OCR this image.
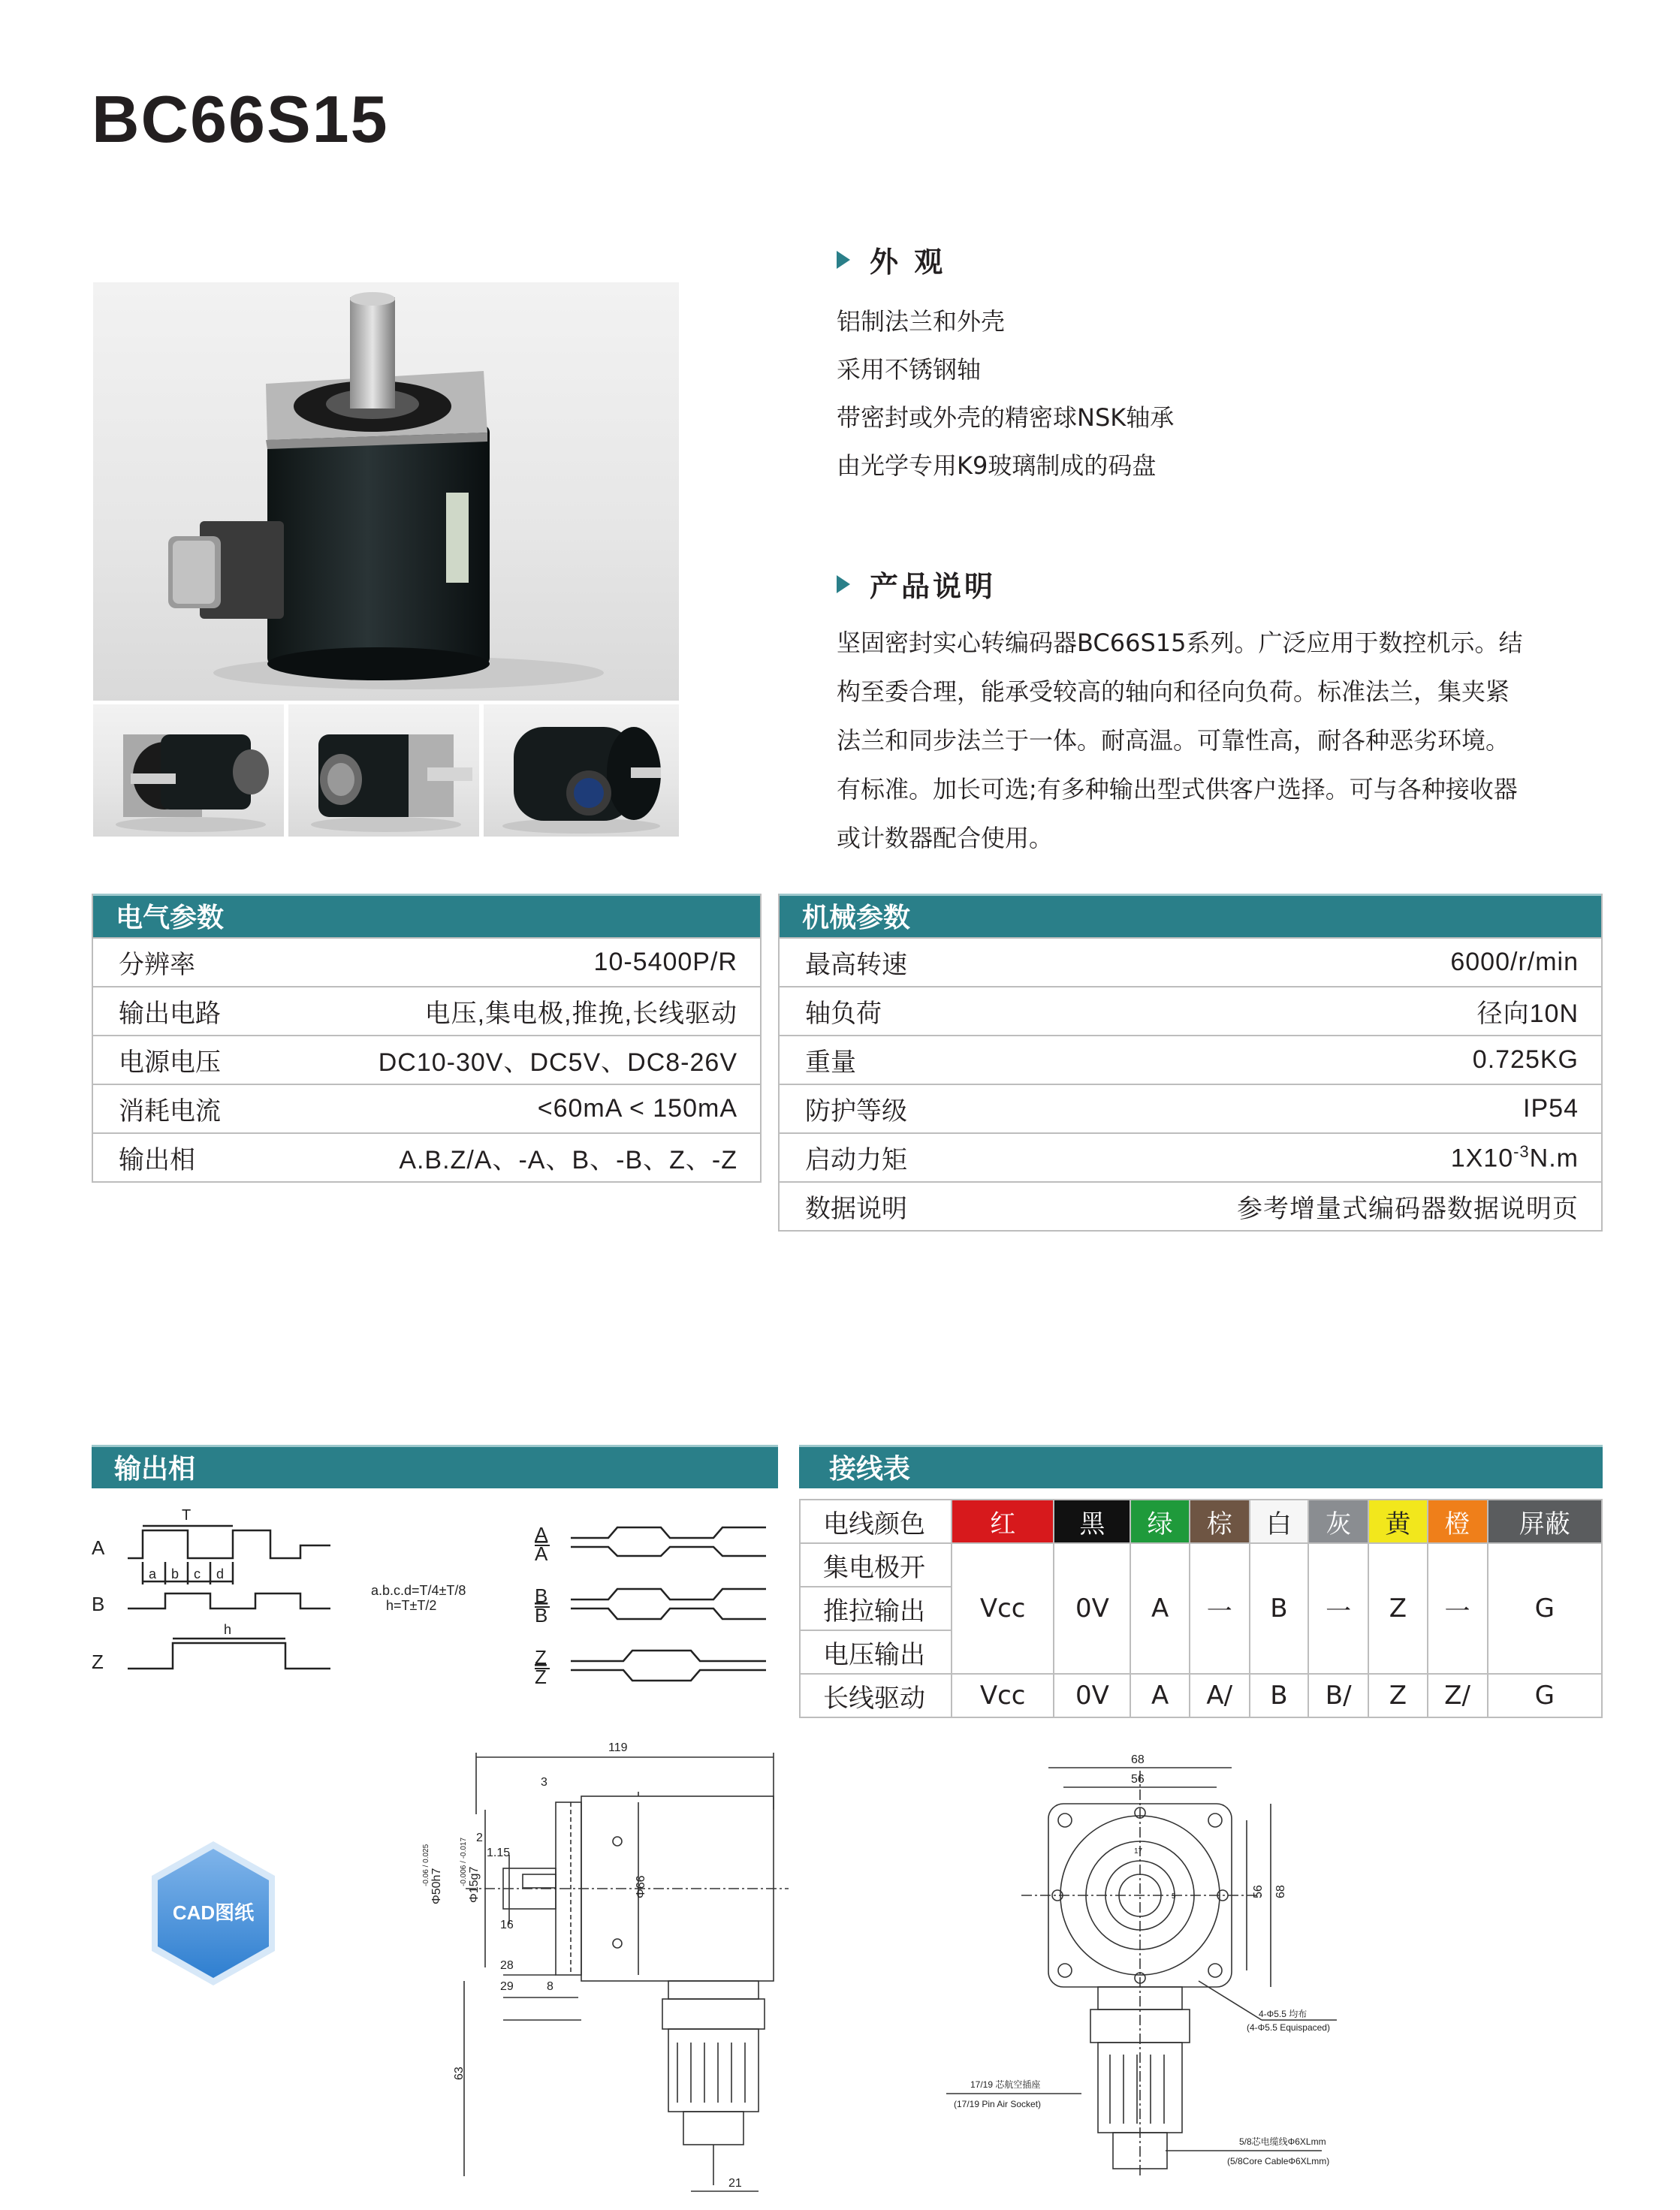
BC66S15
外 观
铝制法兰和外壳
采用不锈钢轴
带密封或外壳的精密球NSK轴承
由光学专用K9玻璃制成的码盘
产品说明
坚固密封实心转编码器BC66S15系列。广泛应用于数控机示。结
构至委合理，能承受较高的轴向和径向负荷。标准法兰，集夹紧
法兰和同步法兰于一体。耐高温。可靠性高，耐各种恶劣环境。
有标准。加长可选;有多种输出型式供客户选择。可与各种接收器
或计数器配合使用。
电气参数
分辨率	10-5400P/R
输出电路	电压,集电极,推挽,长线驱动
电源电压	DC10-30V、DC5V、DC8-26V
消耗电流	<60mA < 150mA
输出相	A.B.Z/A、-A、B、-B、Z、-Z
机械参数
最高转速	6000/r/min
轴负荷	径向10N
重量	0.725KG
防护等级	IP54
启动力矩	$1X10^{-3}N.m$
数据说明	参考增量式编码器数据说明页
输出相
A
B
Z
T
a b c d
h
a.b.c.d=T/4±T/8
h=T±T/2
A
A
B
B
Z
Z
接线表
电线颜色	红	黑	绿	棕	白	灰	黄	橙	屏蔽
集电极开	Vcc	0V	A	一	B	一	Z	一	G
推拉输出									
电压输出									
长线驱动	Vcc	0V	A	A/	B	B/	Z	Z/	G
CAD图纸
119
3
2
1.15
Φ50h7 Φ15g7
16
28
29	8
Φ66
63
21
-0.06 / 0.025	-0.006 / -0.017
68
56
56 68
17
5
4-Φ5.5 均布
(4-Φ5.5 Equispaced)
17/19 芯航空插座
(17/19 Pin Air Socket)
5/8芯电缆线Φ6XLmm
(5/8Core CableΦ6XLmm)
